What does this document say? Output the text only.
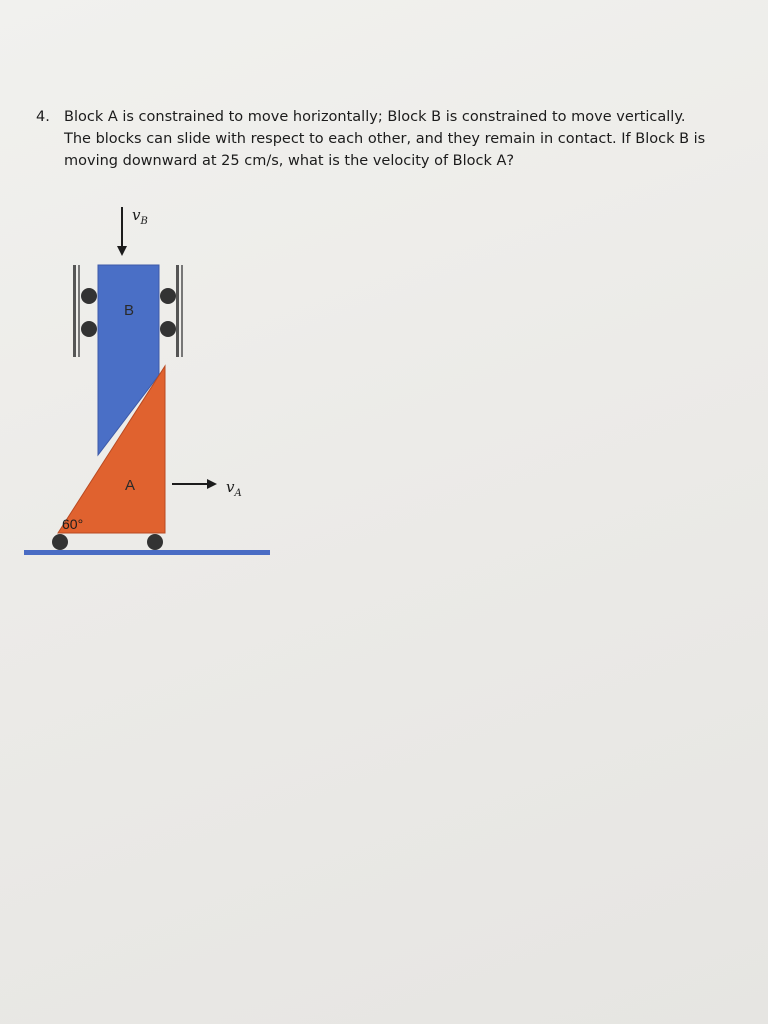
4. Block A is constrained to move horizontally; Block B is constrained to move vertically.
The blocks can slide with respect to each other, and they remain in contact. If Block B is
moving downward at 25 cm/s, what is the velocity of Block A?
B
A
60°
$v_B$
$v_A$
